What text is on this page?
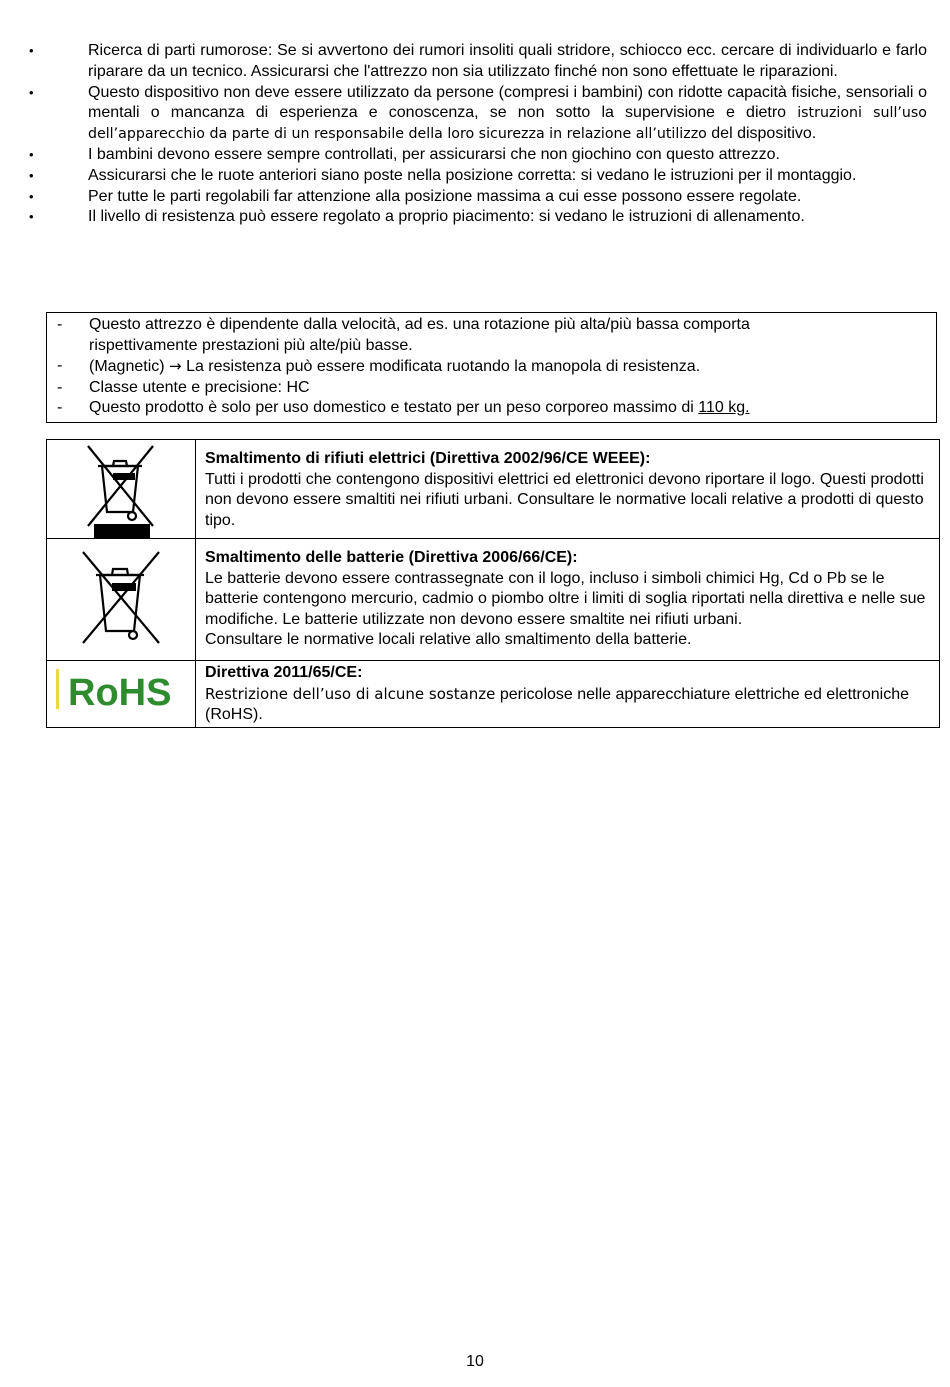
•	Ricerca di parti rumorose: Se si avvertono dei rumori insoliti quali stridore, schiocco ecc. cercare di individuarlo e farlo riparare da un tecnico. Assicurarsi che l'attrezzo non sia utilizzato finché non sono effettuate le riparazioni.
•	Questo dispositivo non deve essere utilizzato da persone (compresi i bambini) con ridotte capacità fisiche, sensoriali o mentali o mancanza di esperienza e conoscenza, se non sotto la supervisione e dietro istruzioni sull’uso dell’apparecchio da parte di un responsabile della loro sicurezza in relazione all’utilizzo del dispositivo.
•	I bambini devono essere sempre controllati, per assicurarsi che non giochino con questo attrezzo.
•	Assicurarsi che le ruote anteriori siano poste nella posizione corretta: si vedano le istruzioni per il montaggio.
•	Per tutte le parti regolabili far attenzione alla posizione massima a cui esse possono essere regolate.
•	Il livello di resistenza può essere regolato a proprio piacimento: si vedano le istruzioni di allenamento.
- Questo attrezzo è dipendente dalla velocità, ad es. una rotazione più alta/più bassa comporta
rispettivamente prestazioni più alte/più basse.
- (Magnetic) → La resistenza può essere modificata ruotando la manopola di resistenza.
- Classe utente e precisione: HC
- Questo prodotto è solo per uso domestico e testato per un peso corporeo massimo di 110 kg.

Smaltimento di rifiuti elettrici (Direttiva 2002/96/CE WEEE):
Tutti i prodotti che contengono dispositivi elettrici ed elettronici devono riportare il logo. Questi prodotti non devono essere smaltiti nei rifiuti urbani. Consultare le normative locali relative a prodotti di questo tipo.

Smaltimento delle batterie (Direttiva 2006/66/CE):
Le batterie devono essere contrassegnate con il logo, incluso i simboli chimici Hg, Cd o Pb se le batterie contengono mercurio, cadmio o piombo oltre i limiti di soglia riportati nella direttiva e nelle sue modifiche. Le batterie utilizzate non devono essere smaltite nei rifiuti urbani.
Consultare le normative locali relative allo smaltimento della batterie.

RoHS	Direttiva 2011/65/CE:
Restrizione dell’uso di alcune sostanze pericolose nelle apparecchiature elettriche ed elettroniche (RoHS).
10
